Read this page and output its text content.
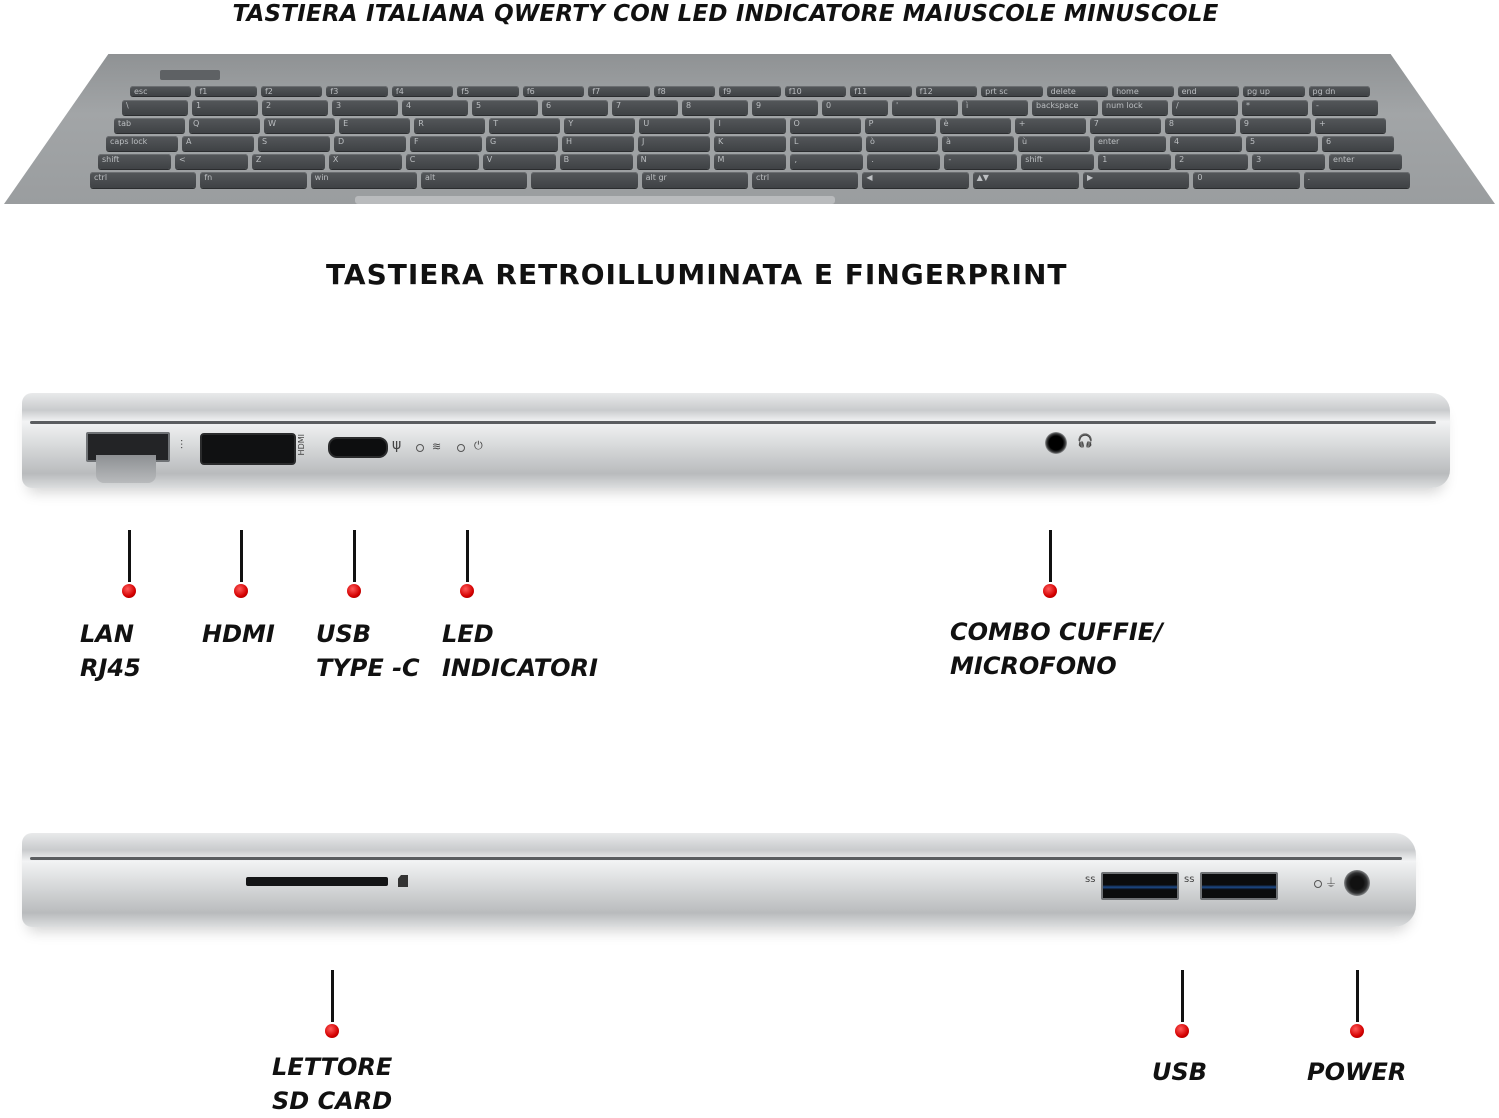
TASTIERA ITALIANA QWERTY CON LED INDICATORE MAIUSCOLE MINUSCOLE
esc	f1	f2	f3	f4	f5	f6	f7	f8	f9	f10	f11	f12	prt sc	delete	home	end	pg up	pg dn
\	1	2	3	4	5	6	7	8	9	0	'	ì	backspace	num lock	/	*	-
tab	Q	W	E	R	T	Y	U	I	O	P	è	+	7	8	9	+
caps lock	A	S	D	F	G	H	J	K	L	ò	à	ù	enter	4	5	6
shift	<	Z	X	C	V	B	N	M	,	.	-	shift	1	2	3	enter
ctrl	fn	win	alt	alt gr	ctrl	◀	▲▼	▶	0	.
TASTIERA RETROILLUMINATA E FINGERPRINT
⫶	HDMI	ψ	≋	⏻	🎧
LAN
RJ45
HDMI USB
TYPE -C
LED
INDICATORI
COMBO CUFFIE/
MICROFONO
ss	ss	⏚
LETTORE
SD CARD
USB	POWER
